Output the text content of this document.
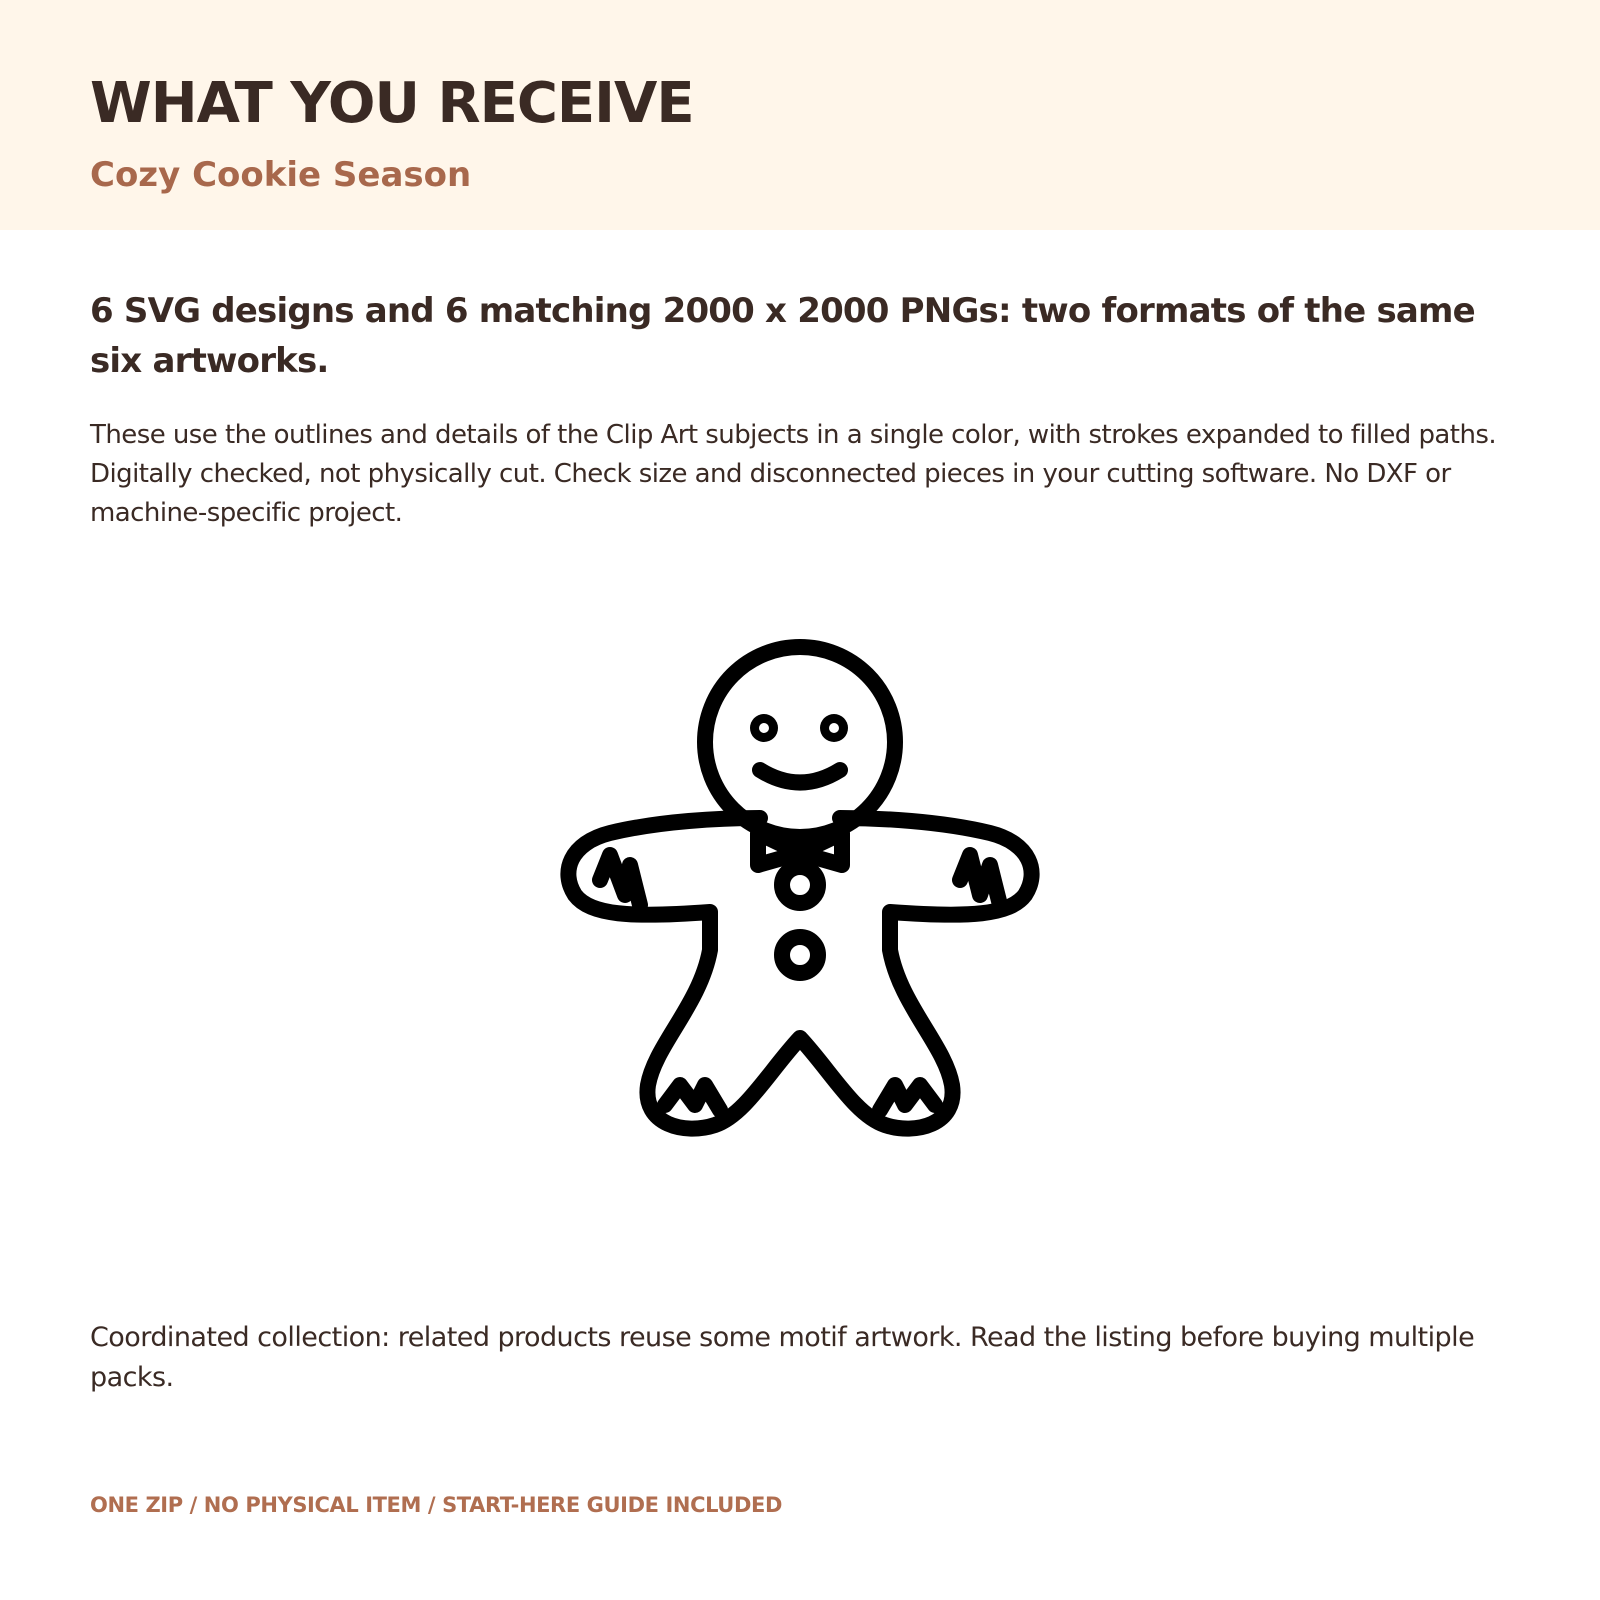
WHAT YOU RECEIVE
Cozy Cookie Season
6 SVG designs and 6 matching 2000 x 2000 PNGs: two formats of the same six artworks.

These use the outlines and details of the Clip Art subjects in a single color, with strokes expanded to filled paths. Digitally checked, not physically cut. Check size and disconnected pieces in your cutting software. No DXF or machine-specific project.

Coordinated collection: related products reuse some motif artwork. Read the listing before buying multiple packs.

ONE ZIP / NO PHYSICAL ITEM / START-HERE GUIDE INCLUDED
